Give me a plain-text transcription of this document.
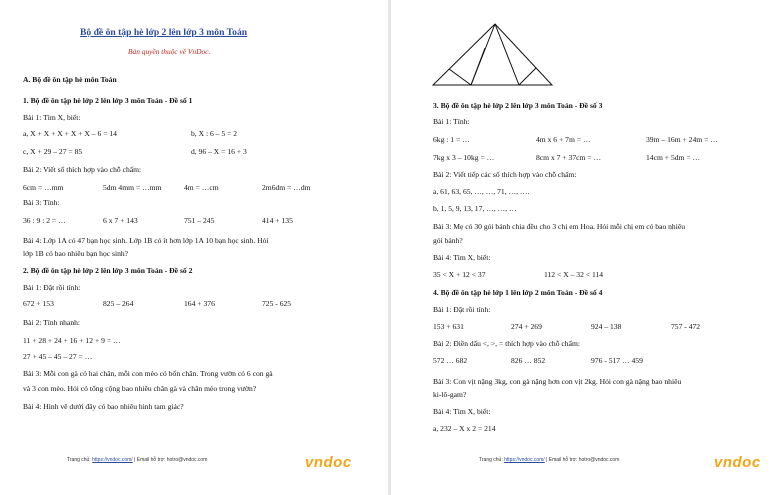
Bộ đề ôn tập hè lớp 2 lên lớp 3 môn Toán
Bản quyền thuộc về VnDoc.
A. Bộ đề ôn tập hè môn Toán
1. Bộ đề ôn tập hè lớp 2 lên lớp 3 môn Toán - Đề số 1
Bài 1: Tìm X, biết:
a, X + X + X + X + X – 6 = 14	b, X : 6 – 5 = 2
c, X + 29 – 27 = 85	d, 96 – X = 16 + 3
Bài 2: Viết số thích hợp vào chỗ chấm:
6cm = …mm	5dm 4mm = …mm	4m = …cm	2m6dm = …dm
Bài 3: Tính:
36 : 9 : 2 = …	6 x 7 + 143	751 – 245	414 + 135
Bài 4: Lớp 1A có 47 bạn học sinh. Lớp 1B có ít hơn lớp 1A 10 bạn học sinh. Hỏi
lớp 1B có bao nhiêu bạn học sinh?
2. Bộ đề ôn tập hè lớp 2 lên lớp 3 môn Toán - Đề số 2
Bài 1: Đặt rồi tính:
672 + 153	825 – 264	164 + 376	725 - 625
Bài 2: Tính nhanh:
11 + 28 + 24 + 16 + 12 + 9 = …
27 + 45 – 45 – 27 = …
Bài 3: Mỗi con gà có hai chân, mỗi con mèo có bốn chân. Trong vườn có 6 con gà
và 3 con mèo. Hỏi có tổng cộng bao nhiêu chân gà và chân mèo trong vườn?
Bài 4: Hình vẽ dưới đây có bao nhiêu hình tam giác?
Trang chủ: https://vndoc.com/ | Email hỗ trợ: hotro@vndoc.com	vndoc
3. Bộ đề ôn tập hè lớp 2 lên lớp 3 môn Toán - Đề số 3
Bài 1: Tính:
6kg : 1 = …	4m x 6 + 7m = …	39m – 16m + 24m = …
7kg x 3 – 10kg = …	8cm x 7 + 37cm = …	14cm + 5dm = …
Bài 2: Viết tiếp các số thích hợp vào chỗ chấm:
a, 61, 63, 65, …, …, 71, …, ….
b, 1, 5, 9, 13, 17, …, …, …
Bài 3: Mẹ có 30 gói bánh chia đều cho 3 chị em Hoa. Hỏi mỗi chị em có bao nhiêu
gói bánh?
Bài 4: Tìm X, biết:
35 < X + 12 < 37	112 < X – 32 < 114
4. Bộ đề ôn tập hè lớp 1 lên lớp 2 môn Toán - Đề số 4
Bài 1: Đặt rồi tính:
153 + 631	274 + 269	924 – 138	757 - 472
Bài 2: Điền dấu <, >, = thích hợp vào chỗ chấm:
572 … 682	826 … 852	976 - 517 … 459
Bài 3: Con vịt nặng 3kg, con gà nặng hơn con vịt 2kg. Hỏi con gà nặng bao nhiêu
ki-lô-gam?
Bài 4: Tìm X, biết:
a, 232 – X x 2 = 214
Trang chủ: https://vndoc.com/ | Email hỗ trợ: hotro@vndoc.com	vndoc
